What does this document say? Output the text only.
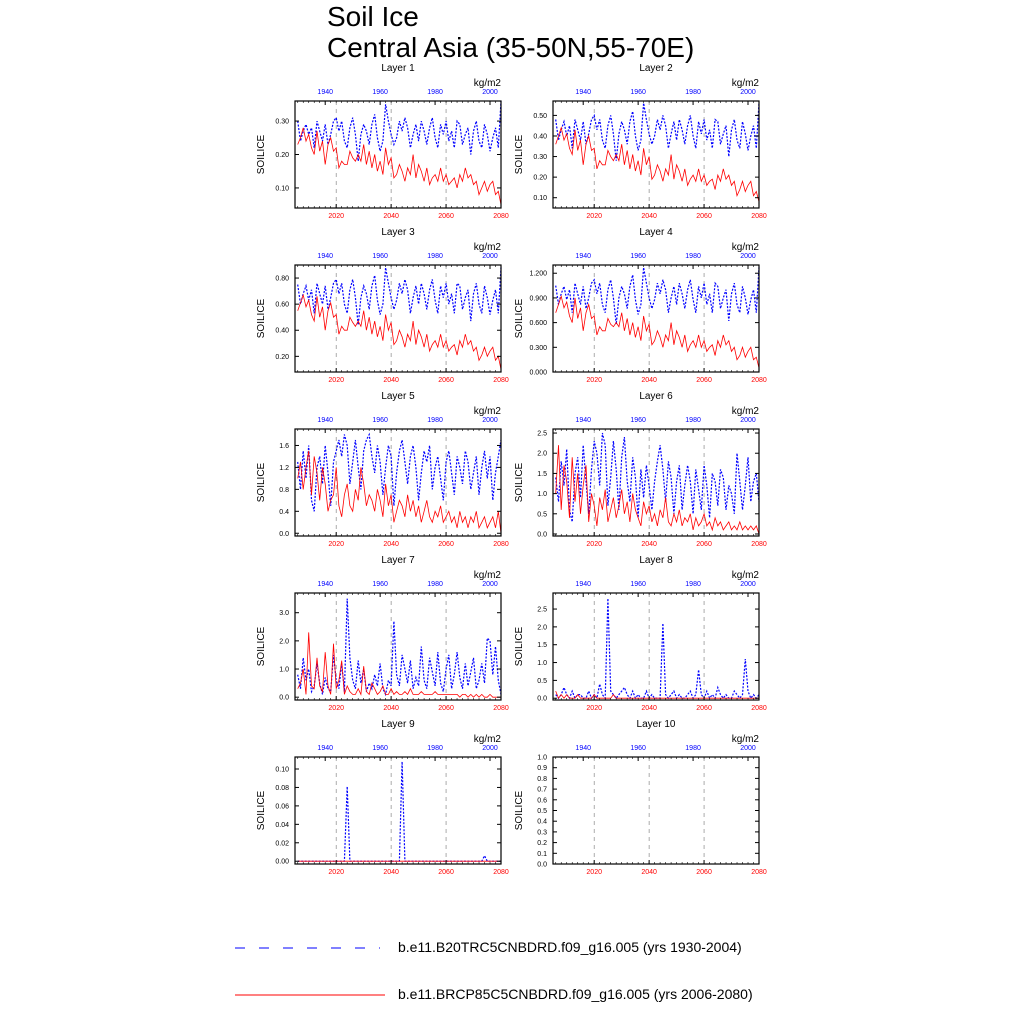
Soil Ice
Central Asia (35-50N,55-70E)
2020	2040	2060	2080
1940	1960	1980	2000
0.10
0.20
0.30
Layer 1
kg/m2
SOILICE
2020	2040	2060	2080
1940	1960	1980	2000
0.10
0.20
0.30
0.40
0.50
Layer 2
kg/m2
SOILICE
2020	2040	2060	2080
1940	1960	1980	2000
0.20
0.40
0.60
0.80
Layer 3
kg/m2
SOILICE
2020	2040	2060	2080
1940	1960	1980	2000
0.000
0.300
0.600
0.900
1.200
Layer 4
kg/m2
SOILICE
2020	2040	2060	2080
1940	1960	1980	2000
0.0
0.4
0.8
1.2
1.6
Layer 5
kg/m2
SOILICE
2020	2040	2060	2080
1940	1960	1980	2000
0.0
0.5
1.0
1.5
2.0
2.5
Layer 6
kg/m2
SOILICE
2020	2040	2060	2080
1940	1960	1980	2000
0.0
1.0
2.0
3.0
Layer 7
kg/m2
SOILICE
2020	2040	2060	2080
1940	1960	1980	2000
0.0
0.5
1.0
1.5
2.0
2.5
Layer 8
kg/m2
SOILICE
2020	2040	2060	2080
1940	1960	1980	2000
0.00
0.02
0.04
0.06
0.08
0.10
Layer 9
kg/m2
SOILICE
2020	2040	2060	2080
1940	1960	1980	2000
0.0
0.1
0.2
0.3
0.4
0.5
0.6
0.7
0.8
0.9
1.0
Layer 10
kg/m2
SOILICE
b.e11.B20TRC5CNBDRD.f09_g16.005 (yrs 1930-2004)
b.e11.BRCP85C5CNBDRD.f09_g16.005 (yrs 2006-2080)
